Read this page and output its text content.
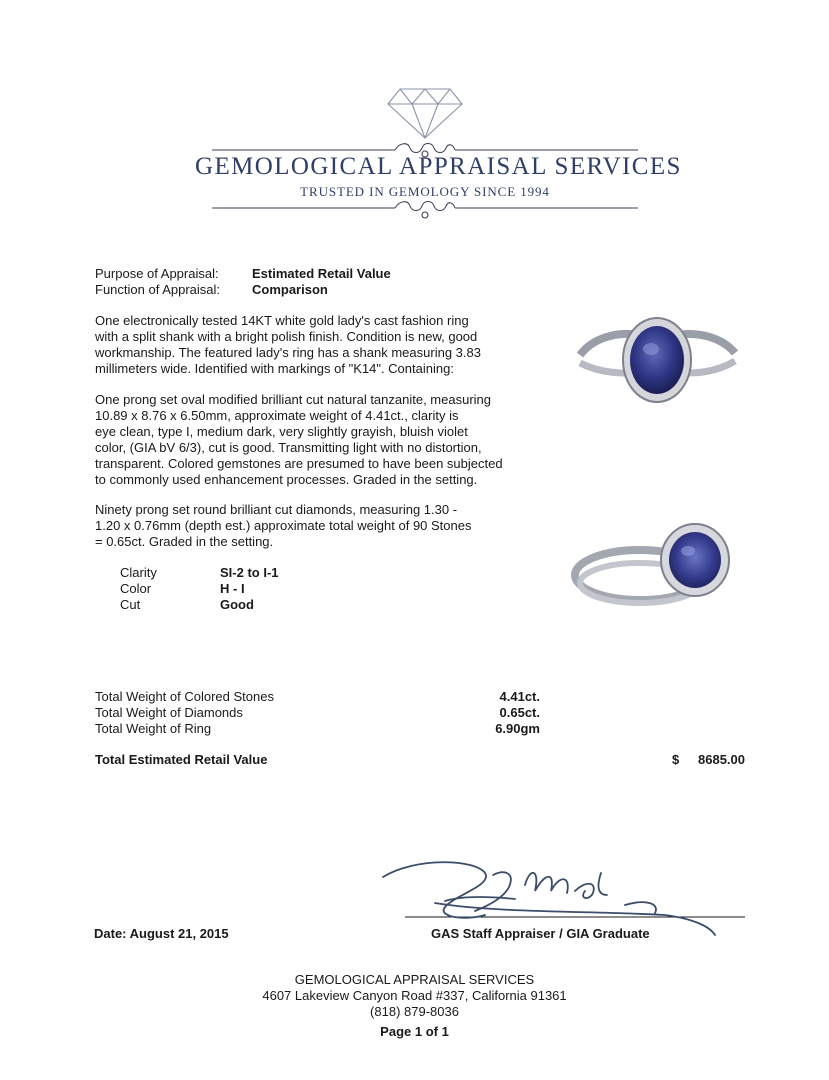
GEMOLOGICAL APPRAISAL SERVICES
TRUSTED IN GEMOLOGY SINCE 1994
Purpose of Appraisal:	Estimated Retail Value
Function of Appraisal: Comparison
One electronically tested 14KT white gold lady's cast fashion ring
with a split shank with a bright polish finish. Condition is new, good
workmanship. The featured lady's ring has a shank measuring 3.83
millimeters wide. Identified with markings of "K14". Containing:
One prong set oval modified brilliant cut natural tanzanite, measuring
10.89 x 8.76 x 6.50mm, approximate weight of 4.41ct., clarity is
eye clean, type I, medium dark, very slightly grayish, bluish violet
color, (GIA bV 6/3), cut is good. Transmitting light with no distortion,
transparent. Colored gemstones are presumed to have been subjected
to commonly used enhancement processes. Graded in the setting.
Ninety prong set round brilliant cut diamonds, measuring 1.30 -
1.20 x 0.76mm (depth est.) approximate total weight of 90 Stones
= 0.65ct. Graded in the setting.
Clarity	SI-2 to I-1
Color	H - I
Cut	Good
Total Weight of Colored Stones	4.41ct.
Total Weight of Diamonds	0.65ct.
Total Weight of Ring	6.90gm
Total Estimated Retail Value	$	8685.00
Date: August 21, 2015	GAS Staff Appraiser / GIA Graduate
GEMOLOGICAL APPRAISAL SERVICES
4607 Lakeview Canyon Road #337, California 91361
(818) 879-8036
Page 1 of 1
